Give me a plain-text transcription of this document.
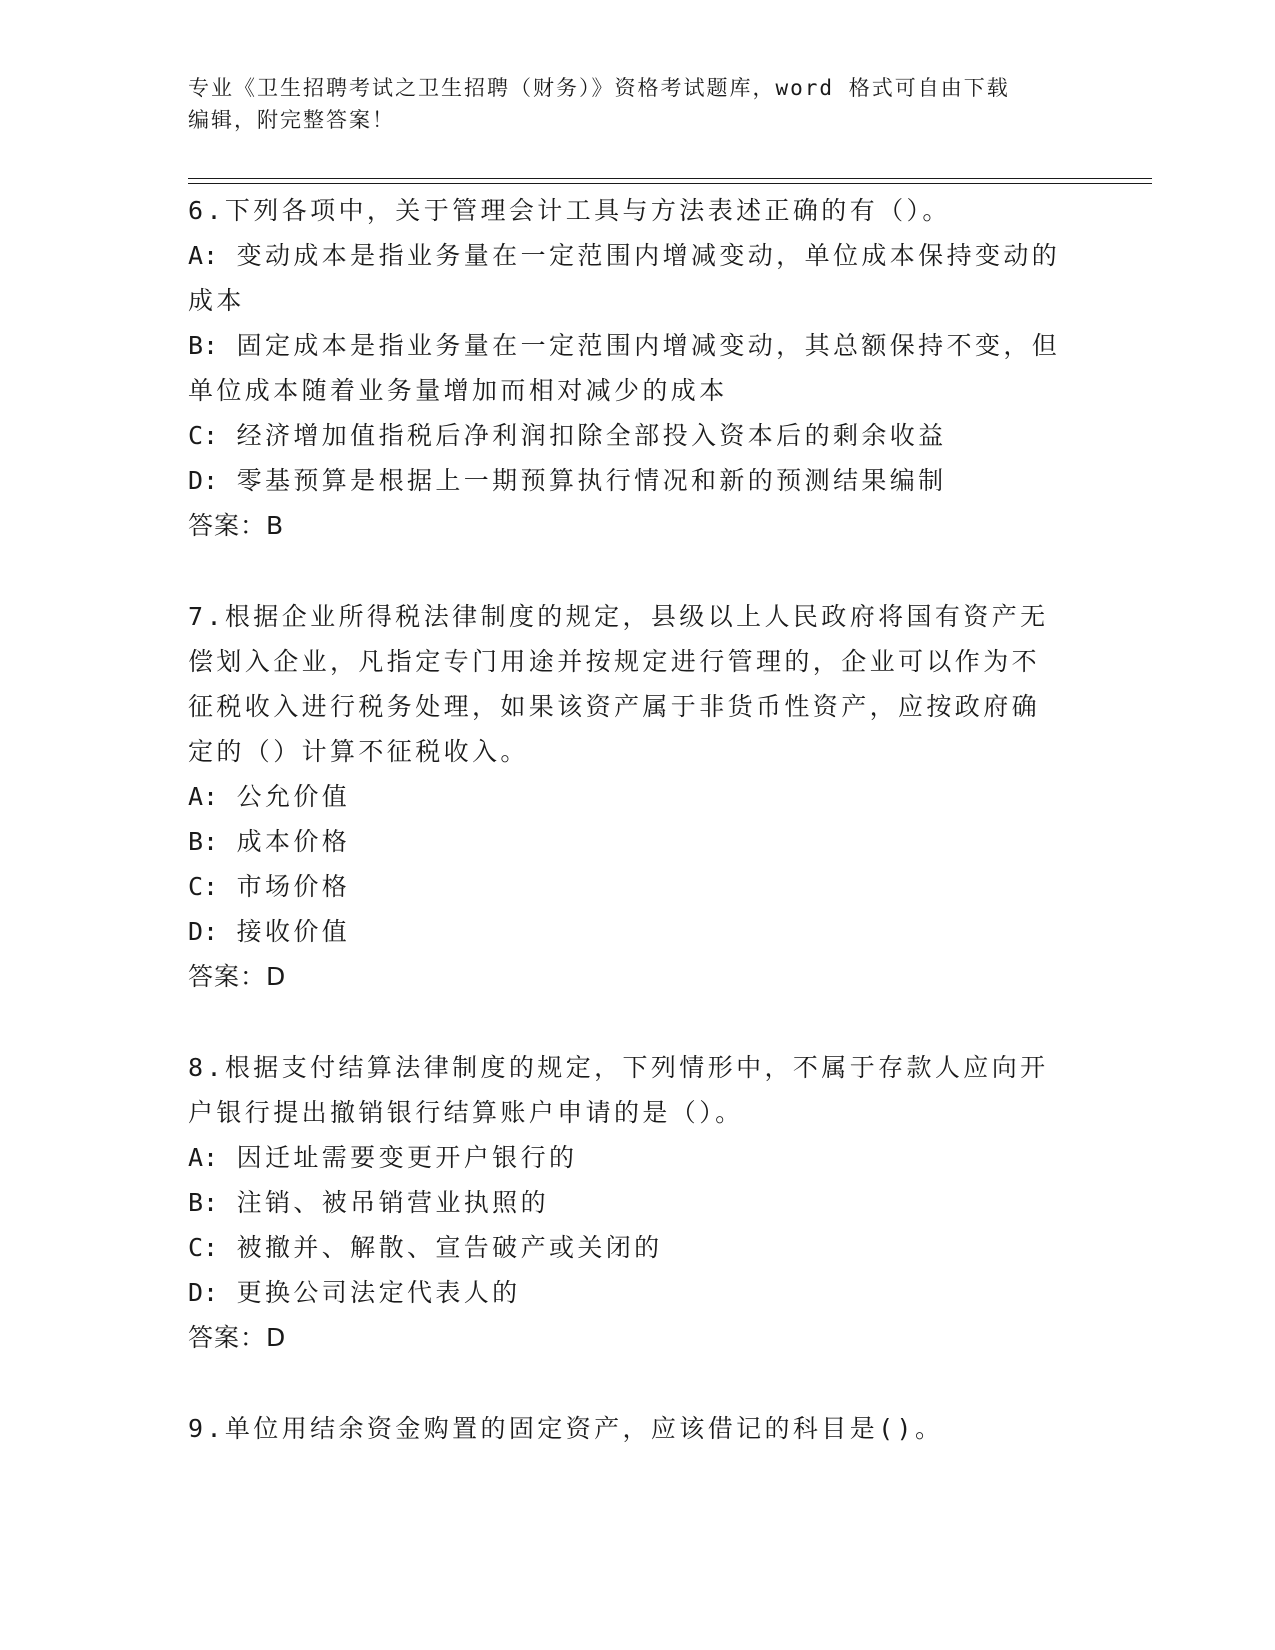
专业《卫生招聘考试之卫生招聘（财务）》资格考试题库，word 格式可自由下载
编辑，附完整答案！
6.下列各项中，关于管理会计工具与方法表述正确的有（）。
A: 变动成本是指业务量在一定范围内增减变动，单位成本保持变动的
成本
B: 固定成本是指业务量在一定范围内增减变动，其总额保持不变，但
单位成本随着业务量增加而相对减少的成本
C: 经济增加值指税后净利润扣除全部投入资本后的剩余收益
D: 零基预算是根据上一期预算执行情况和新的预测结果编制
答案：B
7.根据企业所得税法律制度的规定，县级以上人民政府将国有资产无
偿划入企业，凡指定专门用途并按规定进行管理的，企业可以作为不
征税收入进行税务处理，如果该资产属于非货币性资产，应按政府确
定的（）计算不征税收入。
A: 公允价值
B: 成本价格
C: 市场价格
D: 接收价值
答案：D
8.根据支付结算法律制度的规定，下列情形中，不属于存款人应向开
户银行提出撤销银行结算账户申请的是（）。
A: 因迁址需要变更开户银行的
B: 注销、被吊销营业执照的
C: 被撤并、解散、宣告破产或关闭的
D: 更换公司法定代表人的
答案：D
9.单位用结余资金购置的固定资产，应该借记的科目是()。
